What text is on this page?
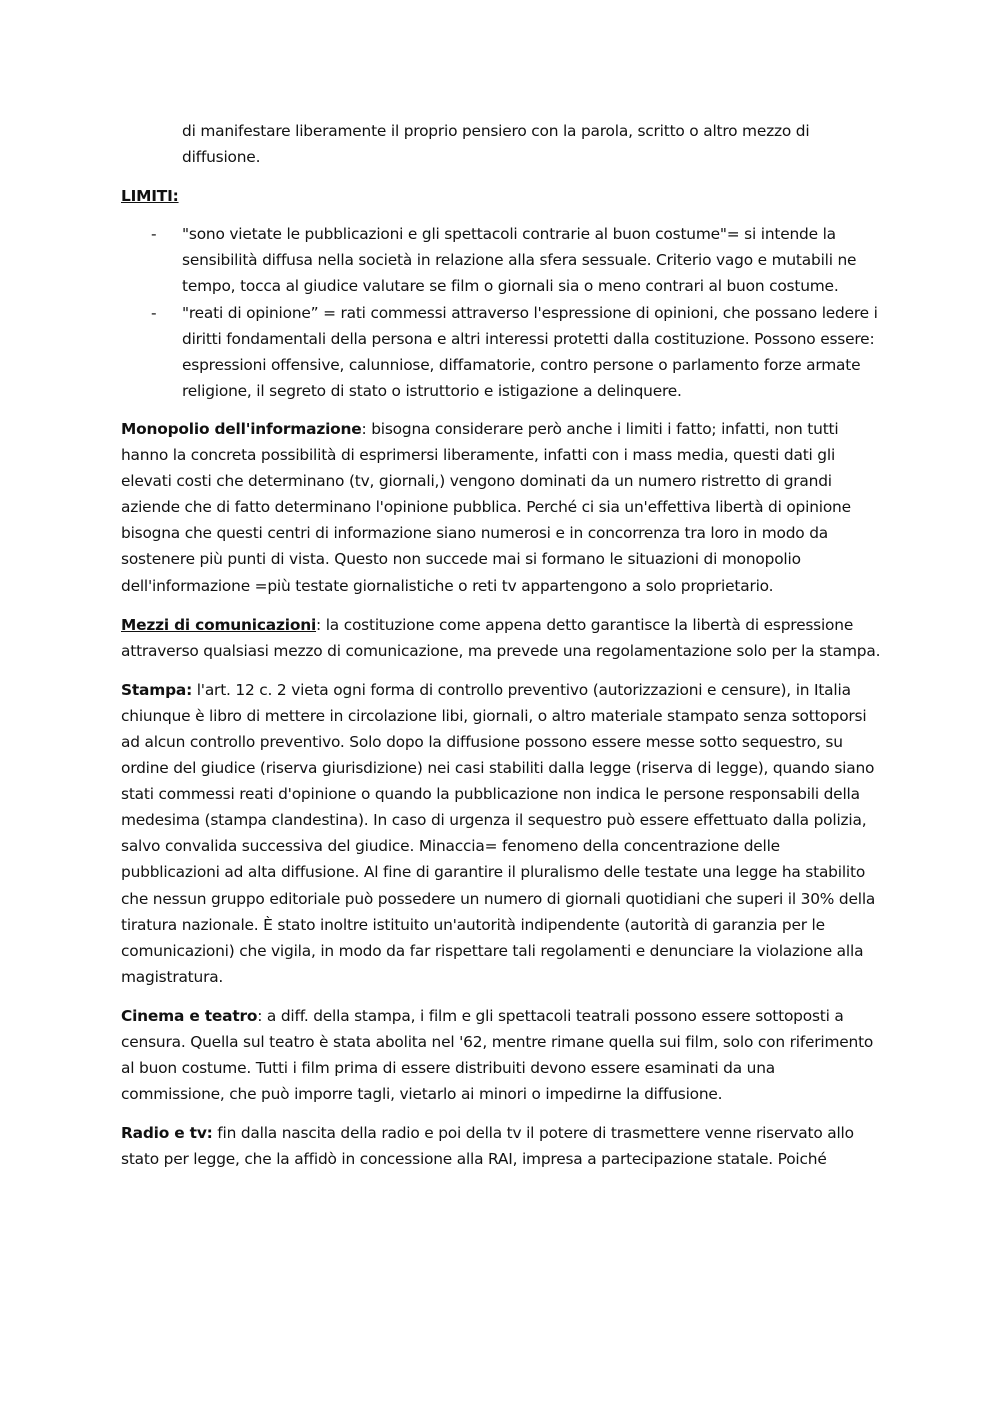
di manifestare liberamente il proprio pensiero con la parola, scritto o altro mezzo di diffusione.

LIMITI:

- "sono vietate le pubblicazioni e gli spettacoli contrarie al buon costume"= si intende la sensibilità diffusa nella società in relazione alla sfera sessuale. Criterio vago e mutabili ne tempo, tocca al giudice valutare se film o giornali sia o meno contrari al buon costume.
- "reati di opinione” = rati commessi attraverso l'espressione di opinioni, che possano ledere i diritti fondamentali della persona e altri interessi protetti dalla costituzione. Possono essere: espressioni offensive, calunniose, diffamatorie, contro persone o parlamento forze armate religione, il segreto di stato o istruttorio e istigazione a delinquere.

Monopolio dell'informazione: bisogna considerare però anche i limiti i fatto; infatti, non tutti hanno la concreta possibilità di esprimersi liberamente, infatti con i mass media, questi dati gli elevati costi che determinano (tv, giornali,) vengono dominati da un numero ristretto di grandi aziende che di fatto determinano l'opinione pubblica. Perché ci sia un'effettiva libertà di opinione bisogna che questi centri di informazione siano numerosi e in concorrenza tra loro in modo da sostenere più punti di vista. Questo non succede mai si formano le situazioni di monopolio dell'informazione =più testate giornalistiche o reti tv appartengono a solo proprietario.

Mezzi di comunicazioni: la costituzione come appena detto garantisce la libertà di espressione attraverso qualsiasi mezzo di comunicazione, ma prevede una regolamentazione solo per la stampa.

Stampa: l'art. 12 c. 2 vieta ogni forma di controllo preventivo (autorizzazioni e censure), in Italia chiunque è libro di mettere in circolazione libi, giornali, o altro materiale stampato senza sottoporsi ad alcun controllo preventivo. Solo dopo la diffusione possono essere messe sotto sequestro, su ordine del giudice (riserva giurisdizione) nei casi stabiliti dalla legge (riserva di legge), quando siano stati commessi reati d'opinione o quando la pubblicazione non indica le persone responsabili della medesima (stampa clandestina). In caso di urgenza il sequestro può essere effettuato dalla polizia, salvo convalida successiva del giudice. Minaccia= fenomeno della concentrazione delle pubblicazioni ad alta diffusione. Al fine di garantire il pluralismo delle testate una legge ha stabilito che nessun gruppo editoriale può possedere un numero di giornali quotidiani che superi il 30% della tiratura nazionale. È stato inoltre istituito un'autorità indipendente (autorità di garanzia per le comunicazioni) che vigila, in modo da far rispettare tali regolamenti e denunciare la violazione alla magistratura.

Cinema e teatro: a diff. della stampa, i film e gli spettacoli teatrali possono essere sottoposti a censura. Quella sul teatro è stata abolita nel '62, mentre rimane quella sui film, solo con riferimento al buon costume. Tutti i film prima di essere distribuiti devono essere esaminati da una commissione, che può imporre tagli, vietarlo ai minori o impedirne la diffusione.

Radio e tv: fin dalla nascita della radio e poi della tv il potere di trasmettere venne riservato allo stato per legge, che la affidò in concessione alla RAI, impresa a partecipazione statale. Poiché
